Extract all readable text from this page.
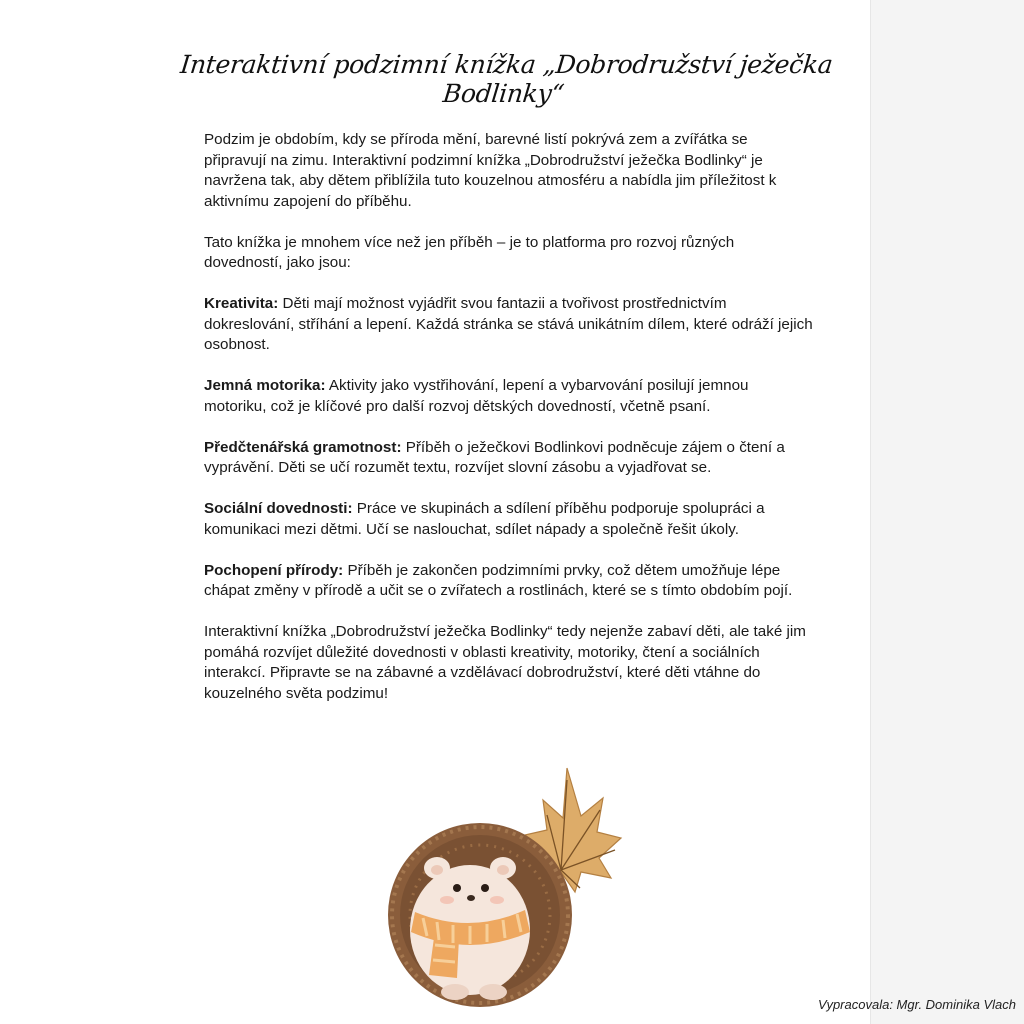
Interaktivní podzimní knížka „Dobrodružství ježečka Bodlinky“

Podzim je obdobím, kdy se příroda mění, barevné listí pokrývá zem a zvířátka se připravují na zimu. Interaktivní podzimní knížka „Dobrodružství ježečka Bodlinky“ je navržena tak, aby dětem přiblížila tuto kouzelnou atmosféru a nabídla jim příležitost k aktivnímu zapojení do příběhu.

Tato knížka je mnohem více než jen příběh – je to platforma pro rozvoj různých dovedností, jako jsou:

Kreativita: Děti mají možnost vyjádřit svou fantazii a tvořivost prostřednictvím dokreslování, stříhání a lepení. Každá stránka se stává unikátním dílem, které odráží jejich osobnost.

Jemná motorika: Aktivity jako vystřihování, lepení a vybarvování posilují jemnou motoriku, což je klíčové pro další rozvoj dětských dovedností, včetně psaní.

Předčtenářská gramotnost: Příběh o ježečkovi Bodlinkovi podněcuje zájem o čtení a vyprávění. Děti se učí rozumět textu, rozvíjet slovní zásobu a vyjadřovat se.

Sociální dovednosti: Práce ve skupinách a sdílení příběhu podporuje spolupráci a komunikaci mezi dětmi. Učí se naslouchat, sdílet nápady a společně řešit úkoly.

Pochopení přírody: Příběh je zakončen podzimními prvky, což dětem umožňuje lépe chápat změny v přírodě a učit se o zvířatech a rostlinách, které se s tímto obdobím pojí.

Interaktivní knížka „Dobrodružství ježečka Bodlinky“ tedy nejenže zabaví děti, ale také jim pomáhá rozvíjet důležité dovednosti v oblasti kreativity, motoriky, čtení a sociálních interakcí. Připravte se na zábavné a vzdělávací dobrodružství, které děti vtáhne do kouzelného světa podzimu!

Vypracovala: Mgr. Dominika Vlach
